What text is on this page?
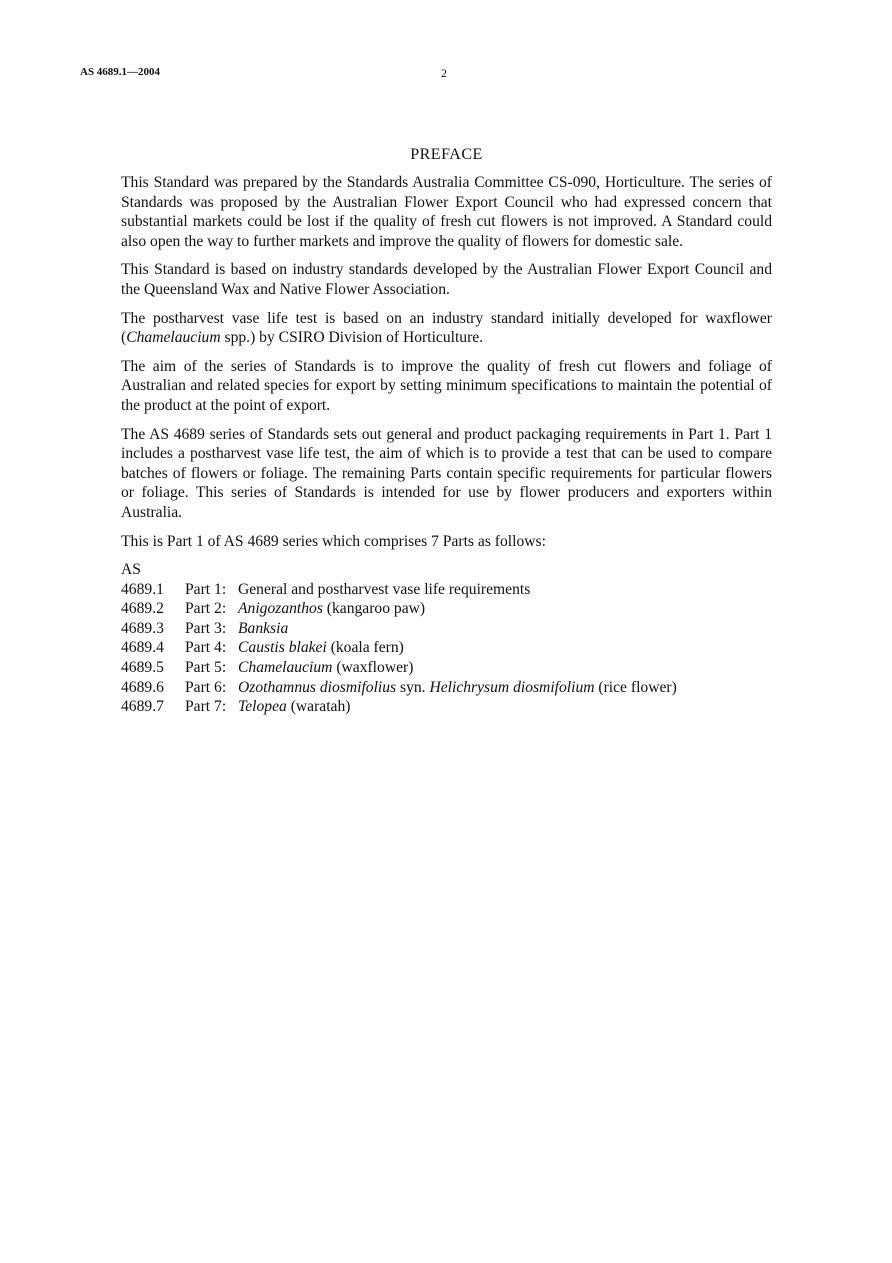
AS 4689.1—2004	2
PREFACE

This Standard was prepared by the Standards Australia Committee CS-090, Horticulture. The series of Standards was proposed by the Australian Flower Export Council who had expressed concern that substantial markets could be lost if the quality of fresh cut flowers is not improved. A Standard could also open the way to further markets and improve the quality of flowers for domestic sale.

This Standard is based on industry standards developed by the Australian Flower Export Council and the Queensland Wax and Native Flower Association.

The postharvest vase life test is based on an industry standard initially developed for waxflower (Chamelaucium spp.) by CSIRO Division of Horticulture.

The aim of the series of Standards is to improve the quality of fresh cut flowers and foliage of Australian and related species for export by setting minimum specifications to maintain the potential of the product at the point of export.

The AS 4689 series of Standards sets out general and product packaging requirements in Part 1. Part 1 includes a postharvest vase life test, the aim of which is to provide a test that can be used to compare batches of flowers or foliage. The remaining Parts contain specific requirements for particular flowers or foliage. This series of Standards is intended for use by flower producers and exporters within Australia.

This is Part 1 of AS 4689 series which comprises 7 Parts as follows:

AS
4689.1	Part 1: General and postharvest vase life requirements
4689.2	Part 2: Anigozanthos (kangaroo paw)
4689.3	Part 3: Banksia
4689.4	Part 4: Caustis blakei (koala fern)
4689.5	Part 5: Chamelaucium (waxflower)
4689.6	Part 6: Ozothamnus diosmifolius syn. Helichrysum diosmifolium (rice flower)
4689.7	Part 7: Telopea (waratah)
